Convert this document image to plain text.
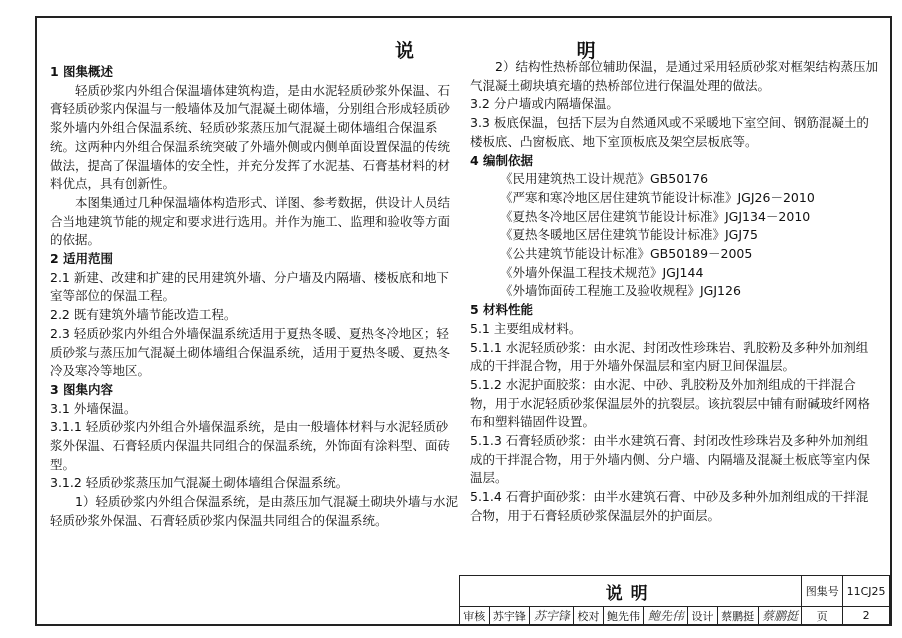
说 明

1 图集概述

轻质砂浆内外组合保温墙体建筑构造，是由水泥轻质砂浆外保温、石膏轻质砂浆内保温与一般墙体及加气混凝土砌体墙，分别组合形成轻质砂浆外墙内外组合保温系统、轻质砂浆蒸压加气混凝土砌体墙组合保温系统。这两种内外组合保温系统突破了外墙外侧或内侧单面设置保温的传统做法，提高了保温墙体的安全性，并充分发挥了水泥基、石膏基材料的材料优点，具有创新性。

本图集通过几种保温墙体构造形式、详图、参考数据，供设计人员结合当地建筑节能的规定和要求进行选用。并作为施工、监理和验收等方面的依据。

2 适用范围

2.1 新建、改建和扩建的民用建筑外墙、分户墙及内隔墙、楼板底和地下室等部位的保温工程。

2.2 既有建筑外墙节能改造工程。

2.3 轻质砂浆内外组合外墙保温系统适用于夏热冬暖、夏热冬冷地区；轻质砂浆与蒸压加气混凝土砌体墙组合保温系统，适用于夏热冬暖、夏热冬冷及寒冷等地区。

3 图集内容

3.1 外墙保温。

3.1.1 轻质砂浆内外组合外墙保温系统，是由一般墙体材料与水泥轻质砂浆外保温、石膏轻质内保温共同组合的保温系统，外饰面有涂料型、面砖型。

3.1.2 轻质砂浆蒸压加气混凝土砌体墙组合保温系统。

1）轻质砂浆内外组合保温系统，是由蒸压加气混凝土砌块外墙与水泥轻质砂浆外保温、石膏轻质砂浆内保温共同组合的保温系统。

2）结构性热桥部位辅助保温，是通过采用轻质砂浆对框架结构蒸压加气混凝土砌块填充墙的热桥部位进行保温处理的做法。

3.2 分户墙或内隔墙保温。

3.3 板底保温，包括下层为自然通风或不采暖地下室空间、钢筋混凝土的楼板底、凸窗板底、地下室顶板底及架空层板底等。

4 编制依据

《民用建筑热工设计规范》GB50176

《严寒和寒冷地区居住建筑节能设计标准》JGJ26－2010

《夏热冬冷地区居住建筑节能设计标准》JGJ134－2010

《夏热冬暖地区居住建筑节能设计标准》JGJ75

《公共建筑节能设计标准》GB50189－2005

《外墙外保温工程技术规范》JGJ144

《外墙饰面砖工程施工及验收规程》JGJ126

5 材料性能

5.1 主要组成材料。

5.1.1 水泥轻质砂浆：由水泥、封闭改性珍珠岩、乳胶粉及多种外加剂组成的干拌混合物，用于外墙外保温层和室内厨卫间保温层。

5.1.2 水泥护面胶浆：由水泥、中砂、乳胶粉及外加剂组成的干拌混合物，用于水泥轻质砂浆保温层外的抗裂层。该抗裂层中铺有耐碱玻纤网格布和塑料锚固件设置。

5.1.3 石膏轻质砂浆：由半水建筑石膏、封闭改性珍珠岩及多种外加剂组成的干拌混合物，用于外墙内侧、分户墙、内隔墙及混凝土板底等室内保温层。

5.1.4 石膏护面砂浆：由半水建筑石膏、中砂及多种外加剂组成的干拌混合物，用于石膏轻质砂浆保温层外的护面层。

说明									图集号	11CJ25
审核	苏宇锋	苏宇锋	校对	鲍先伟	鲍先伟	设计	蔡鹏挺	蔡鹏挺	页	2
